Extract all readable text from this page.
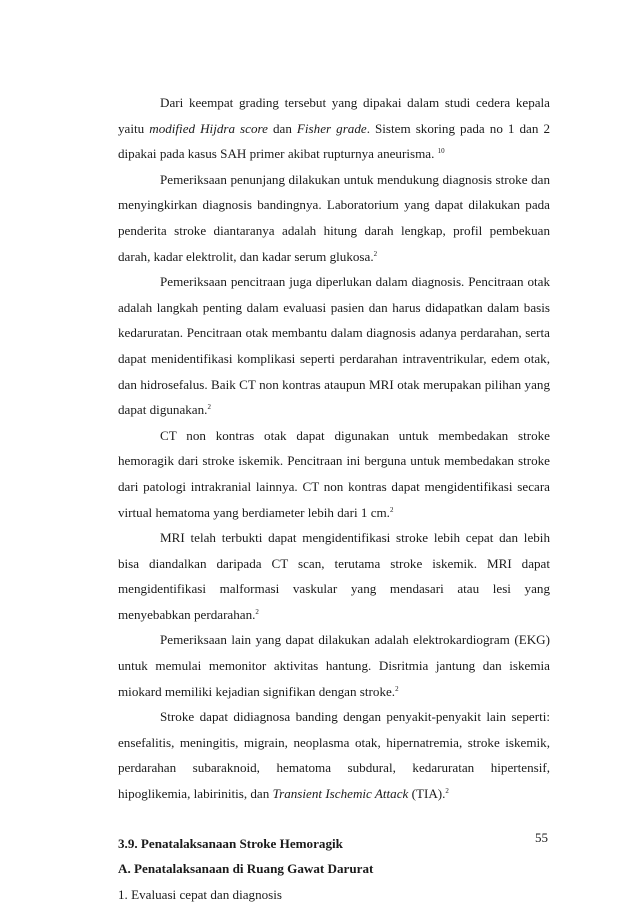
Dari keempat grading tersebut yang dipakai dalam studi cedera kepala yaitu modified Hijdra score dan Fisher grade. Sistem skoring pada no 1 dan 2 dipakai pada kasus SAH primer akibat rupturnya aneurisma. $^{10}$

Pemeriksaan penunjang dilakukan untuk mendukung diagnosis stroke dan menyingkirkan diagnosis bandingnya. Laboratorium yang dapat dilakukan pada penderita stroke diantaranya adalah hitung darah lengkap, profil pembekuan darah, kadar elektrolit, dan kadar serum glukosa.$^2$

Pemeriksaan pencitraan juga diperlukan dalam diagnosis. Pencitraan otak adalah langkah penting dalam evaluasi pasien dan harus didapatkan dalam basis kedaruratan. Pencitraan otak membantu dalam diagnosis adanya perdarahan, serta dapat menidentifikasi komplikasi seperti perdarahan intraventrikular, edem otak, dan hidrosefalus. Baik CT non kontras ataupun MRI otak merupakan pilihan yang dapat digunakan.$^2$

CT non kontras otak dapat digunakan untuk membedakan stroke hemoragik dari stroke iskemik. Pencitraan ini berguna untuk membedakan stroke dari patologi intrakranial lainnya. CT non kontras dapat mengidentifikasi secara virtual hematoma yang berdiameter lebih dari 1 cm.$^2$

MRI telah terbukti dapat mengidentifikasi stroke lebih cepat dan lebih bisa diandalkan daripada CT scan, terutama stroke iskemik. MRI dapat mengidentifikasi malformasi vaskular yang mendasari atau lesi yang menyebabkan perdarahan.$^2$

Pemeriksaan lain yang dapat dilakukan adalah elektrokardiogram (EKG) untuk memulai memonitor aktivitas hantung. Disritmia jantung dan iskemia miokard memiliki kejadian signifikan dengan stroke.$^2$

Stroke dapat didiagnosa banding dengan penyakit-penyakit lain seperti: ensefalitis, meningitis, migrain, neoplasma otak, hipernatremia, stroke iskemik, perdarahan subaraknoid, hematoma subdural, kedaruratan hipertensif, hipoglikemia, labirinitis, dan Transient Ischemic Attack (TIA).$^2$

3.9. Penatalaksanaan Stroke Hemoragik

A. Penatalaksanaan di Ruang Gawat Darurat

1. Evaluasi cepat dan diagnosis

55
